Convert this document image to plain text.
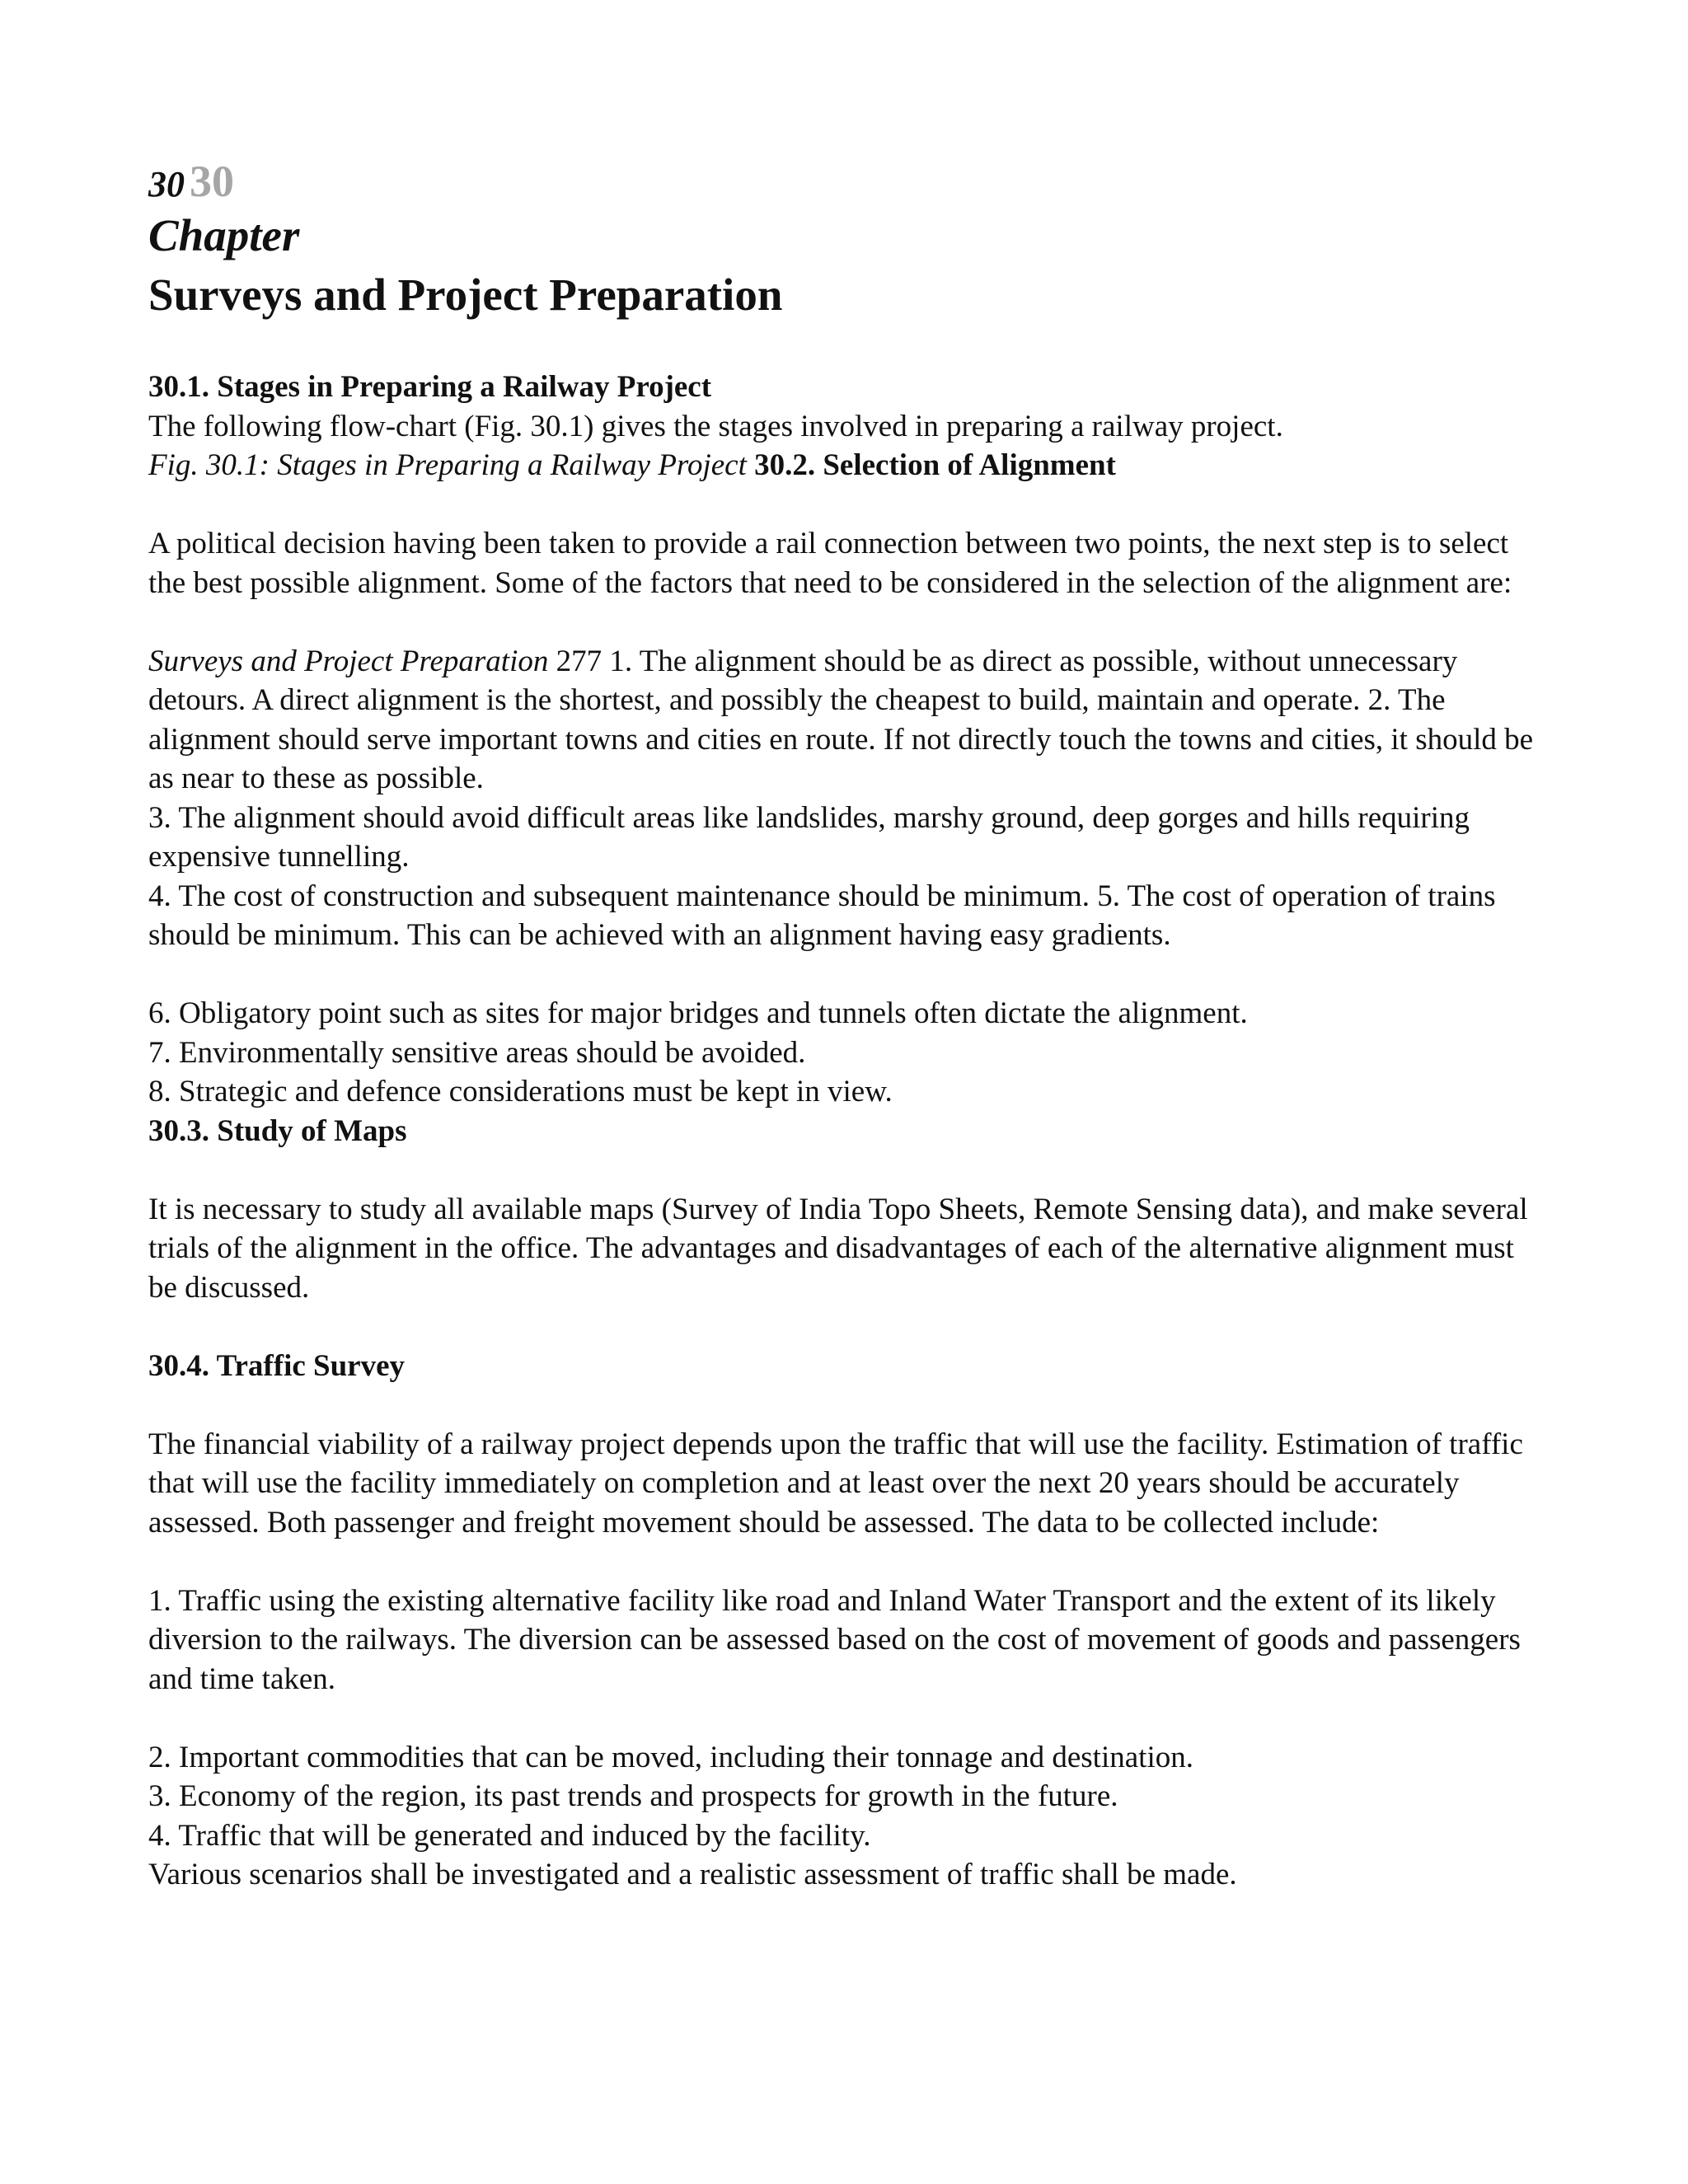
30 30
Chapter
Surveys and Project Preparation

30.1. Stages in Preparing a Railway Project

The following flow-chart (Fig. 30.1) gives the stages involved in preparing a railway project.

Fig. 30.1: Stages in Preparing a Railway Project 30.2. Selection of Alignment

A political decision having been taken to provide a rail connection between two points, the next step is to select the best possible alignment. Some of the factors that need to be considered in the selection of the alignment are:

Surveys and Project Preparation 277 1. The alignment should be as direct as possible, without unnecessary detours. A direct alignment is the shortest, and possibly the cheapest to build, maintain and operate. 2. The alignment should serve important towns and cities en route. If not directly touch the towns and cities, it should be as near to these as possible.

3. The alignment should avoid difficult areas like landslides, marshy ground, deep gorges and hills requiring expensive tunnelling.

4. The cost of construction and subsequent maintenance should be minimum. 5. The cost of operation of trains should be minimum. This can be achieved with an alignment having easy gradients.

6. Obligatory point such as sites for major bridges and tunnels often dictate the alignment.

7. Environmentally sensitive areas should be avoided.

8. Strategic and defence considerations must be kept in view.

30.3. Study of Maps

It is necessary to study all available maps (Survey of India Topo Sheets, Remote Sensing data), and make several trials of the alignment in the office. The advantages and disadvantages of each of the alternative alignment must be discussed.

30.4. Traffic Survey

The financial viability of a railway project depends upon the traffic that will use the facility. Estimation of traffic that will use the facility immediately on completion and at least over the next 20 years should be accurately assessed. Both passenger and freight movement should be assessed. The data to be collected include:

1. Traffic using the existing alternative facility like road and Inland Water Transport and the extent of its likely diversion to the railways. The diversion can be assessed based on the cost of movement of goods and passengers and time taken.

2. Important commodities that can be moved, including their tonnage and destination.

3. Economy of the region, its past trends and prospects for growth in the future.

4. Traffic that will be generated and induced by the facility.

Various scenarios shall be investigated and a realistic assessment of traffic shall be made.
